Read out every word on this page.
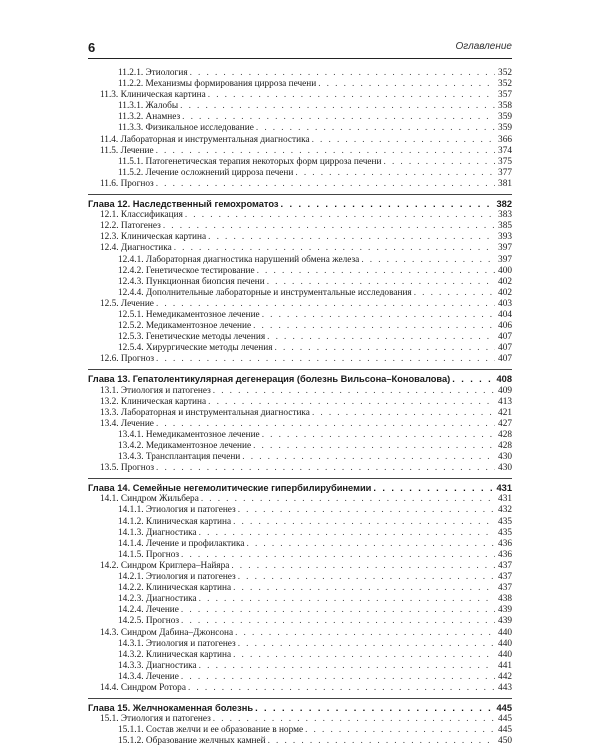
6	Оглавление
11.2.1. Этиология . . .	352
11.2.2. Механизмы формирования цирроза печени . . .	352
11.3. Клиническая картина . . .	357
11.3.1. Жалобы . . .	358
11.3.2. Анамнез . . .	359
11.3.3. Физикальное исследование . . .	359
11.4. Лабораторная и инструментальная диагностика . . .	366
11.5. Лечение . . .	374
11.5.1. Патогенетическая терапия некоторых форм цирроза печени . . .	375
11.5.2. Лечение осложнений цирроза печени . . .	377
11.6. Прогноз . . .	381
Глава 12. Наследственный гемохроматоз . . .	382
12.1. Классификация . . .	383
12.2. Патогенез . . .	385
12.3. Клиническая картина . . .	393
12.4. Диагностика . . .	397
12.4.1. Лабораторная диагностика нарушений обмена железа . . .	397
12.4.2. Генетическое тестирование . . .	400
12.4.3. Пункционная биопсия печени . . .	402
12.4.4. Дополнительные лабораторные и инструментальные исследования . . .	402
12.5. Лечение . . .	403
12.5.1. Немедикаментозное лечение . . .	404
12.5.2. Медикаментозное лечение . . .	406
12.5.3. Генетические методы лечения . . .	407
12.5.4. Хирургические методы лечения . . .	407
12.6. Прогноз . . .	407
Глава 13. Гепатолентикулярная дегенерация (болезнь Вильсона–Коновалова) . . .	408
13.1. Этиология и патогенез . . .	409
13.2. Клиническая картина . . .	413
13.3. Лабораторная и инструментальная диагностика . . .	421
13.4. Лечение . . .	427
13.4.1. Немедикаментозное лечение . . .	428
13.4.2. Медикаментозное лечение . . .	428
13.4.3. Трансплантация печени . . .	430
13.5. Прогноз . . .	430
Глава 14. Семейные негемолитические гипербилирубинемии . . .	431
14.1. Синдром Жильбера . . .	431
14.1.1. Этиология и патогенез . . .	432
14.1.2. Клиническая картина . . .	435
14.1.3. Диагностика . . .	435
14.1.4. Лечение и профилактика . . .	436
14.1.5. Прогноз . . .	436
14.2. Синдром Криглера–Найяра . . .	437
14.2.1. Этиология и патогенез . . .	437
14.2.2. Клиническая картина . . .	437
14.2.3. Диагностика . . .	438
14.2.4. Лечение . . .	439
14.2.5. Прогноз . . .	439
14.3. Синдром Дабина–Джонсона . . .	440
14.3.1. Этиология и патогенез . . .	440
14.3.2. Клиническая картина . . .	440
14.3.3. Диагностика . . .	441
14.3.4. Лечение . . .	442
14.4. Синдром Ротора . . .	443
Глава 15. Желчнокаменная болезнь . . .	445
15.1. Этиология и патогенез . . .	445
15.1.1. Состав желчи и ее образование в норме . . .	445
15.1.2. Образование желчных камней . . .	450
